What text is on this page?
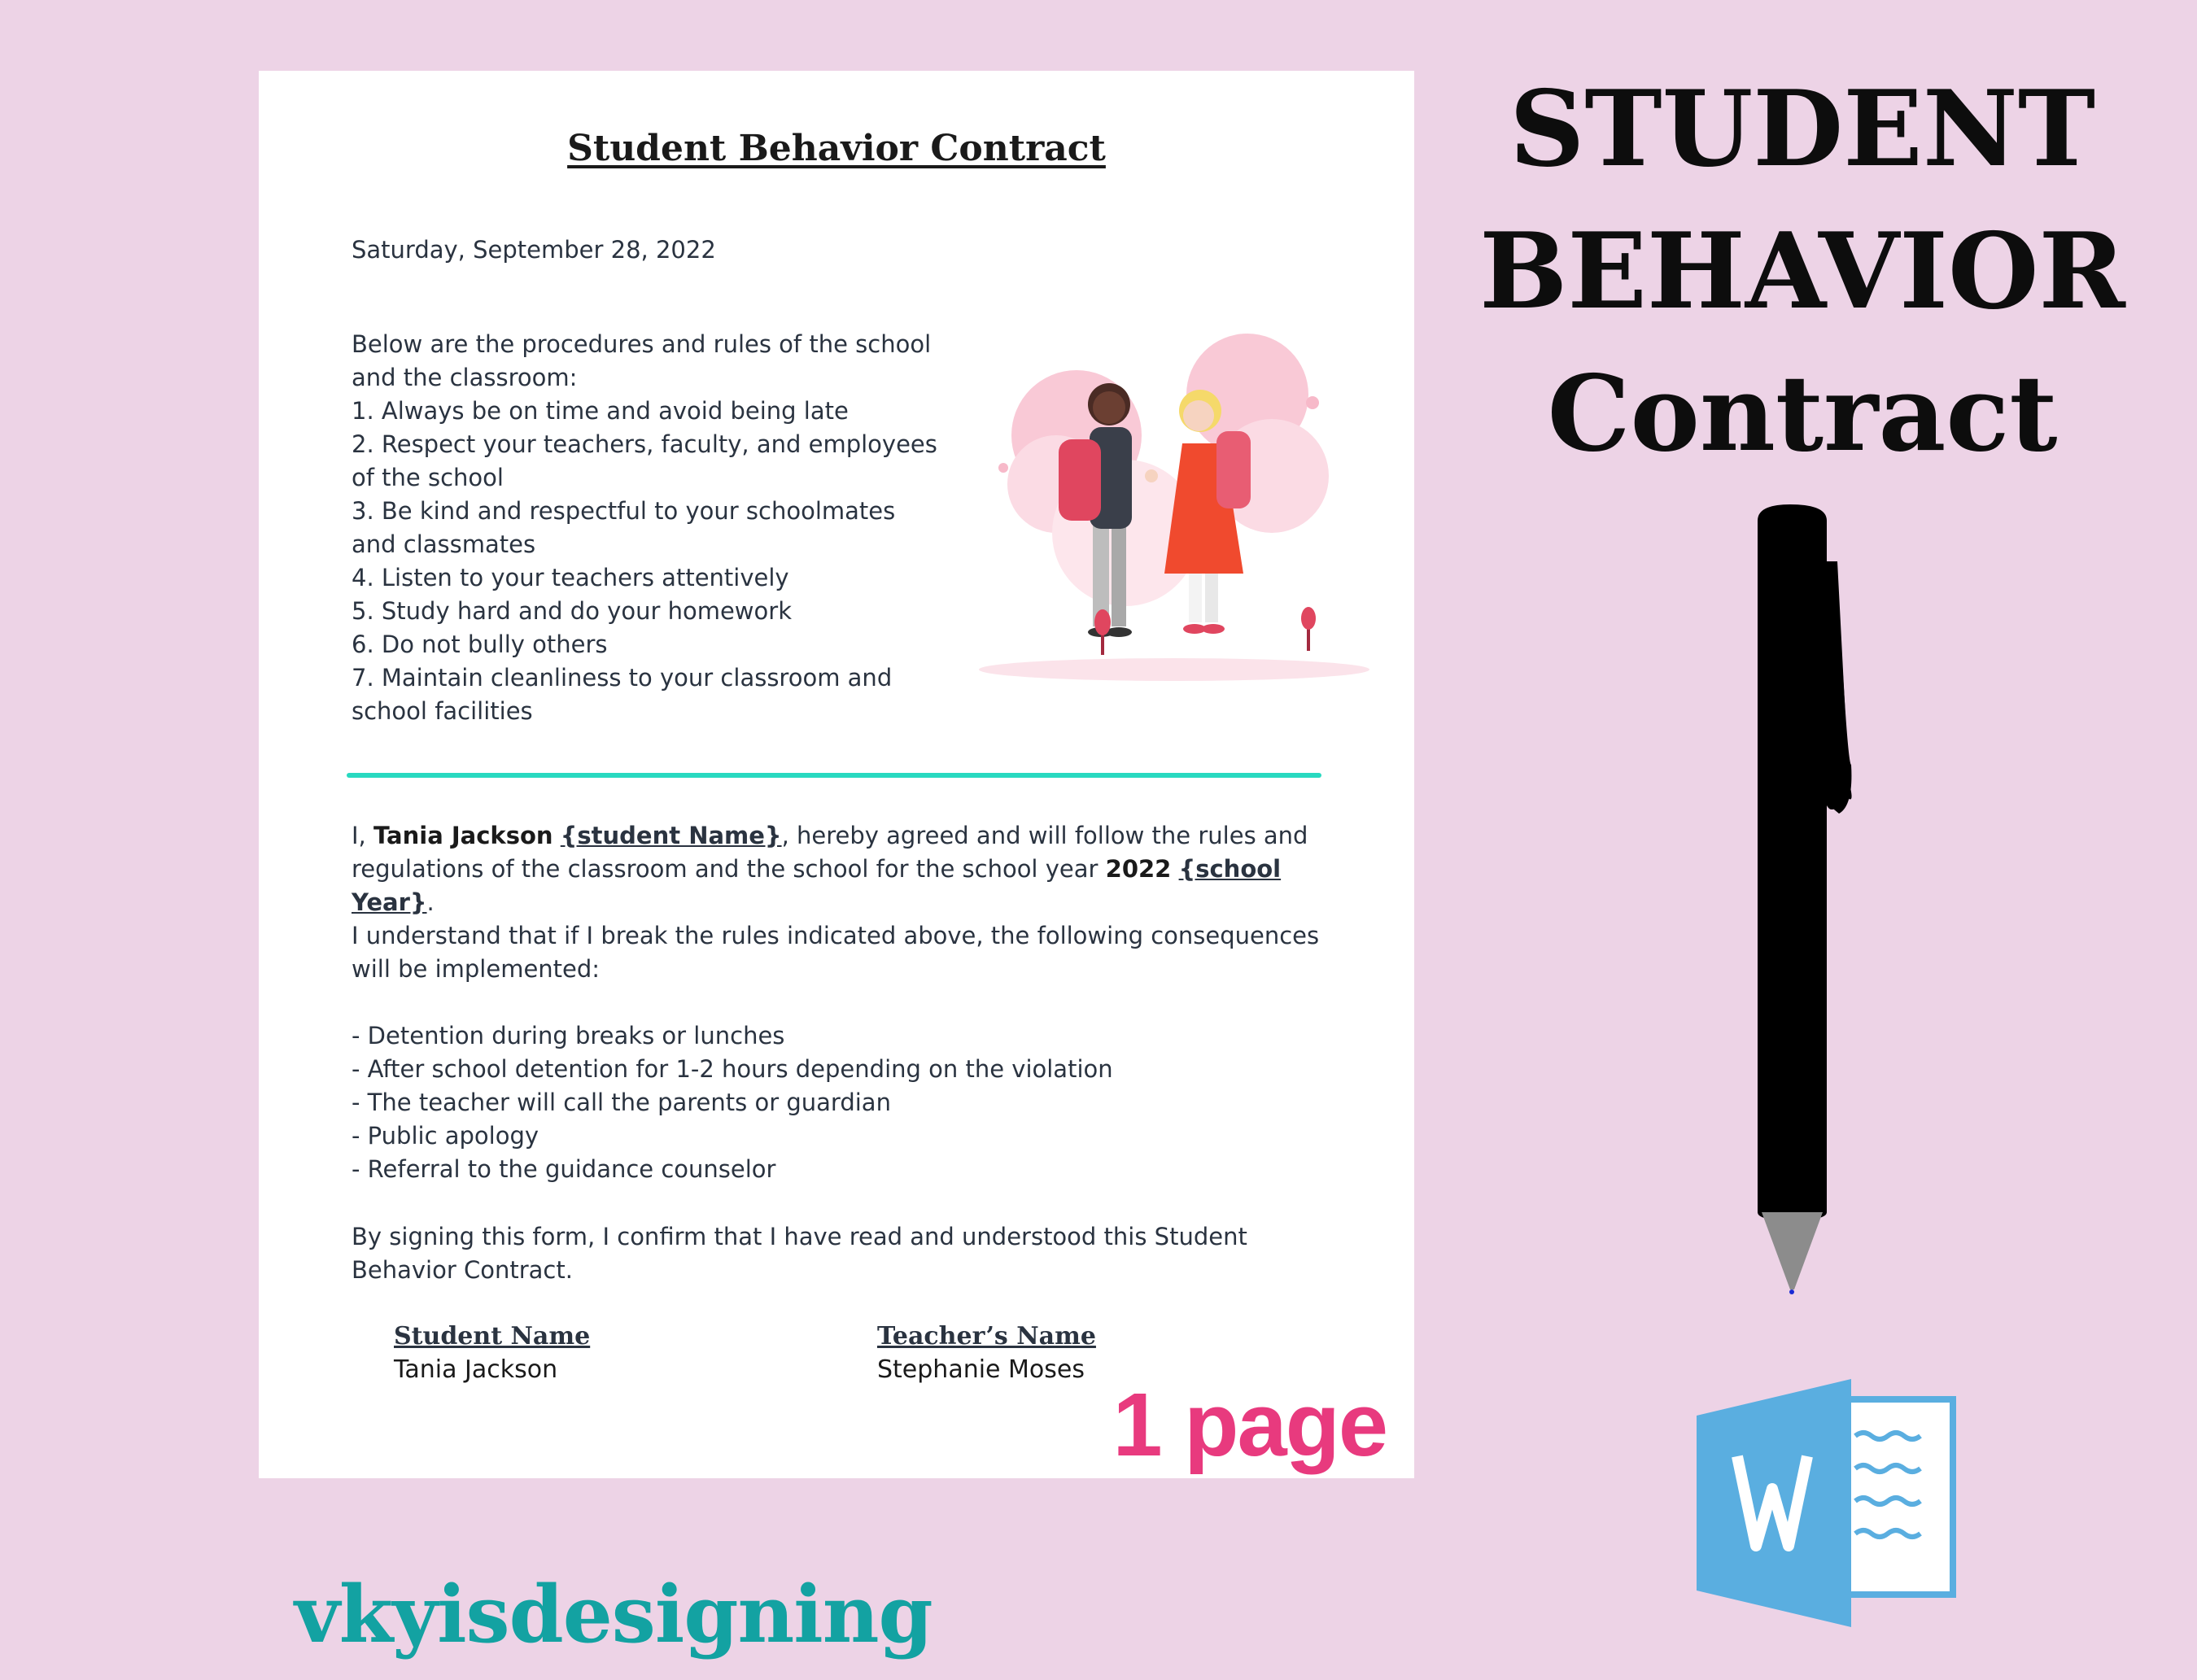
Student Behavior Contract
Saturday, September 28, 2022
Below are the procedures and rules of the school
and the classroom:
1. Always be on time and avoid being late
2. Respect your teachers, faculty, and employees
of the school
3. Be kind and respectful to your schoolmates
and classmates
4. Listen to your teachers attentively
5. Study hard and do your homework
6. Do not bully others
7. Maintain cleanliness to your classroom and
school facilities
I, Tania Jackson {student Name}, hereby agreed and will follow the rules and regulations of the classroom and the school for the school year 2022 {school Year}.
I understand that if I break the rules indicated above, the following consequences will be implemented:
- Detention during breaks or lunches
- After school detention for 1-2 hours depending on the violation
- The teacher will call the parents or guardian
- Public apology
- Referral to the guidance counselor
By signing this form, I confirm that I have read and understood this Student Behavior Contract.
Student Name
Tania Jackson
Teacher’s Name
Stephanie Moses
1 page
STUDENT
BEHAVIOR
Contract
vkyisdesigning
